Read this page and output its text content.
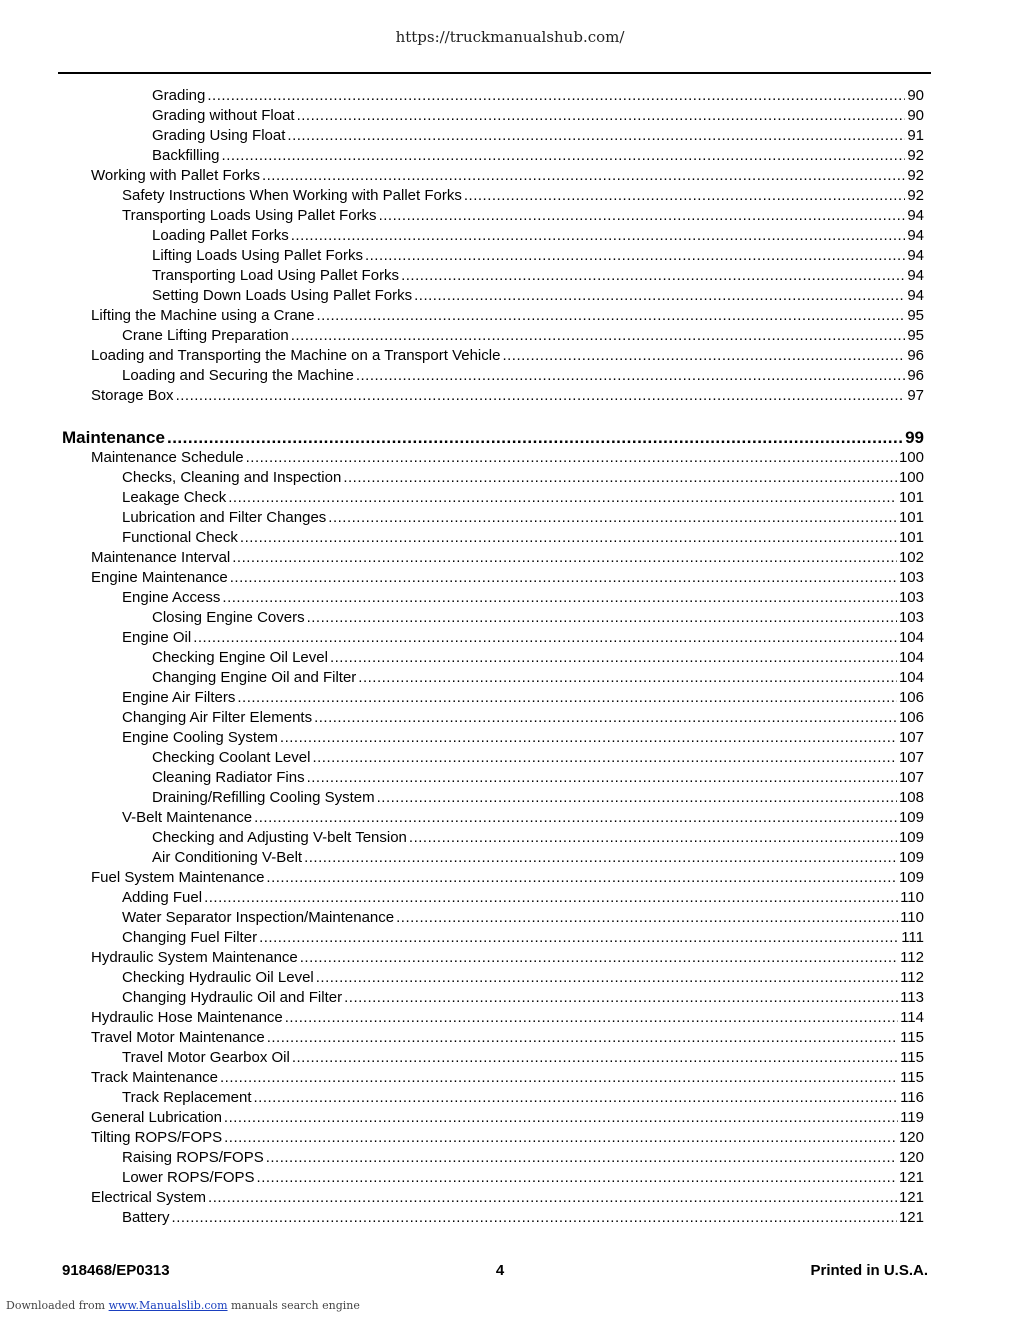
https://truckmanualshub.com/
Grading .....	90
Grading without Float .....	90
Grading Using Float .....	91
Backfilling .....	92
Working with Pallet Forks .....	92
Safety Instructions When Working with Pallet Forks .....	92
Transporting Loads Using Pallet Forks .....	94
Loading Pallet Forks .....	94
Lifting Loads Using Pallet Forks .....	94
Transporting Load Using Pallet Forks .....	94
Setting Down Loads Using Pallet Forks .....	94
Lifting the Machine using a Crane .....	95
Crane Lifting Preparation .....	95
Loading and Transporting the Machine on a Transport Vehicle .....	96
Loading and Securing the Machine .....	96
Storage Box .....	97
Maintenance .....	99
Maintenance Schedule .....	100
Checks, Cleaning and Inspection .....	100
Leakage Check .....	101
Lubrication and Filter Changes .....	101
Functional Check .....	101
Maintenance Interval .....	102
Engine Maintenance .....	103
Engine Access .....	103
Closing Engine Covers .....	103
Engine Oil .....	104
Checking Engine Oil Level .....	104
Changing Engine Oil and Filter .....	104
Engine Air Filters .....	106
Changing Air Filter Elements .....	106
Engine Cooling System .....	107
Checking Coolant Level .....	107
Cleaning Radiator Fins .....	107
Draining/Refilling Cooling System .....	108
V-Belt Maintenance .....	109
Checking and Adjusting V-belt Tension .....	109
Air Conditioning V-Belt .....	109
Fuel System Maintenance .....	109
Adding Fuel .....	110
Water Separator Inspection/Maintenance .....	110
Changing Fuel Filter .....	111
Hydraulic System Maintenance .....	112
Checking Hydraulic Oil Level .....	112
Changing Hydraulic Oil and Filter .....	113
Hydraulic Hose Maintenance .....	114
Travel Motor Maintenance .....	115
Travel Motor Gearbox Oil .....	115
Track Maintenance .....	115
Track Replacement .....	116
General Lubrication .....	119
Tilting ROPS/FOPS .....	120
Raising ROPS/FOPS .....	120
Lower ROPS/FOPS .....	121
Electrical System .....	121
Battery .....	121
918468/EP0313	4	Printed in U.S.A.
Downloaded from www.Manualslib.com manuals search engine
